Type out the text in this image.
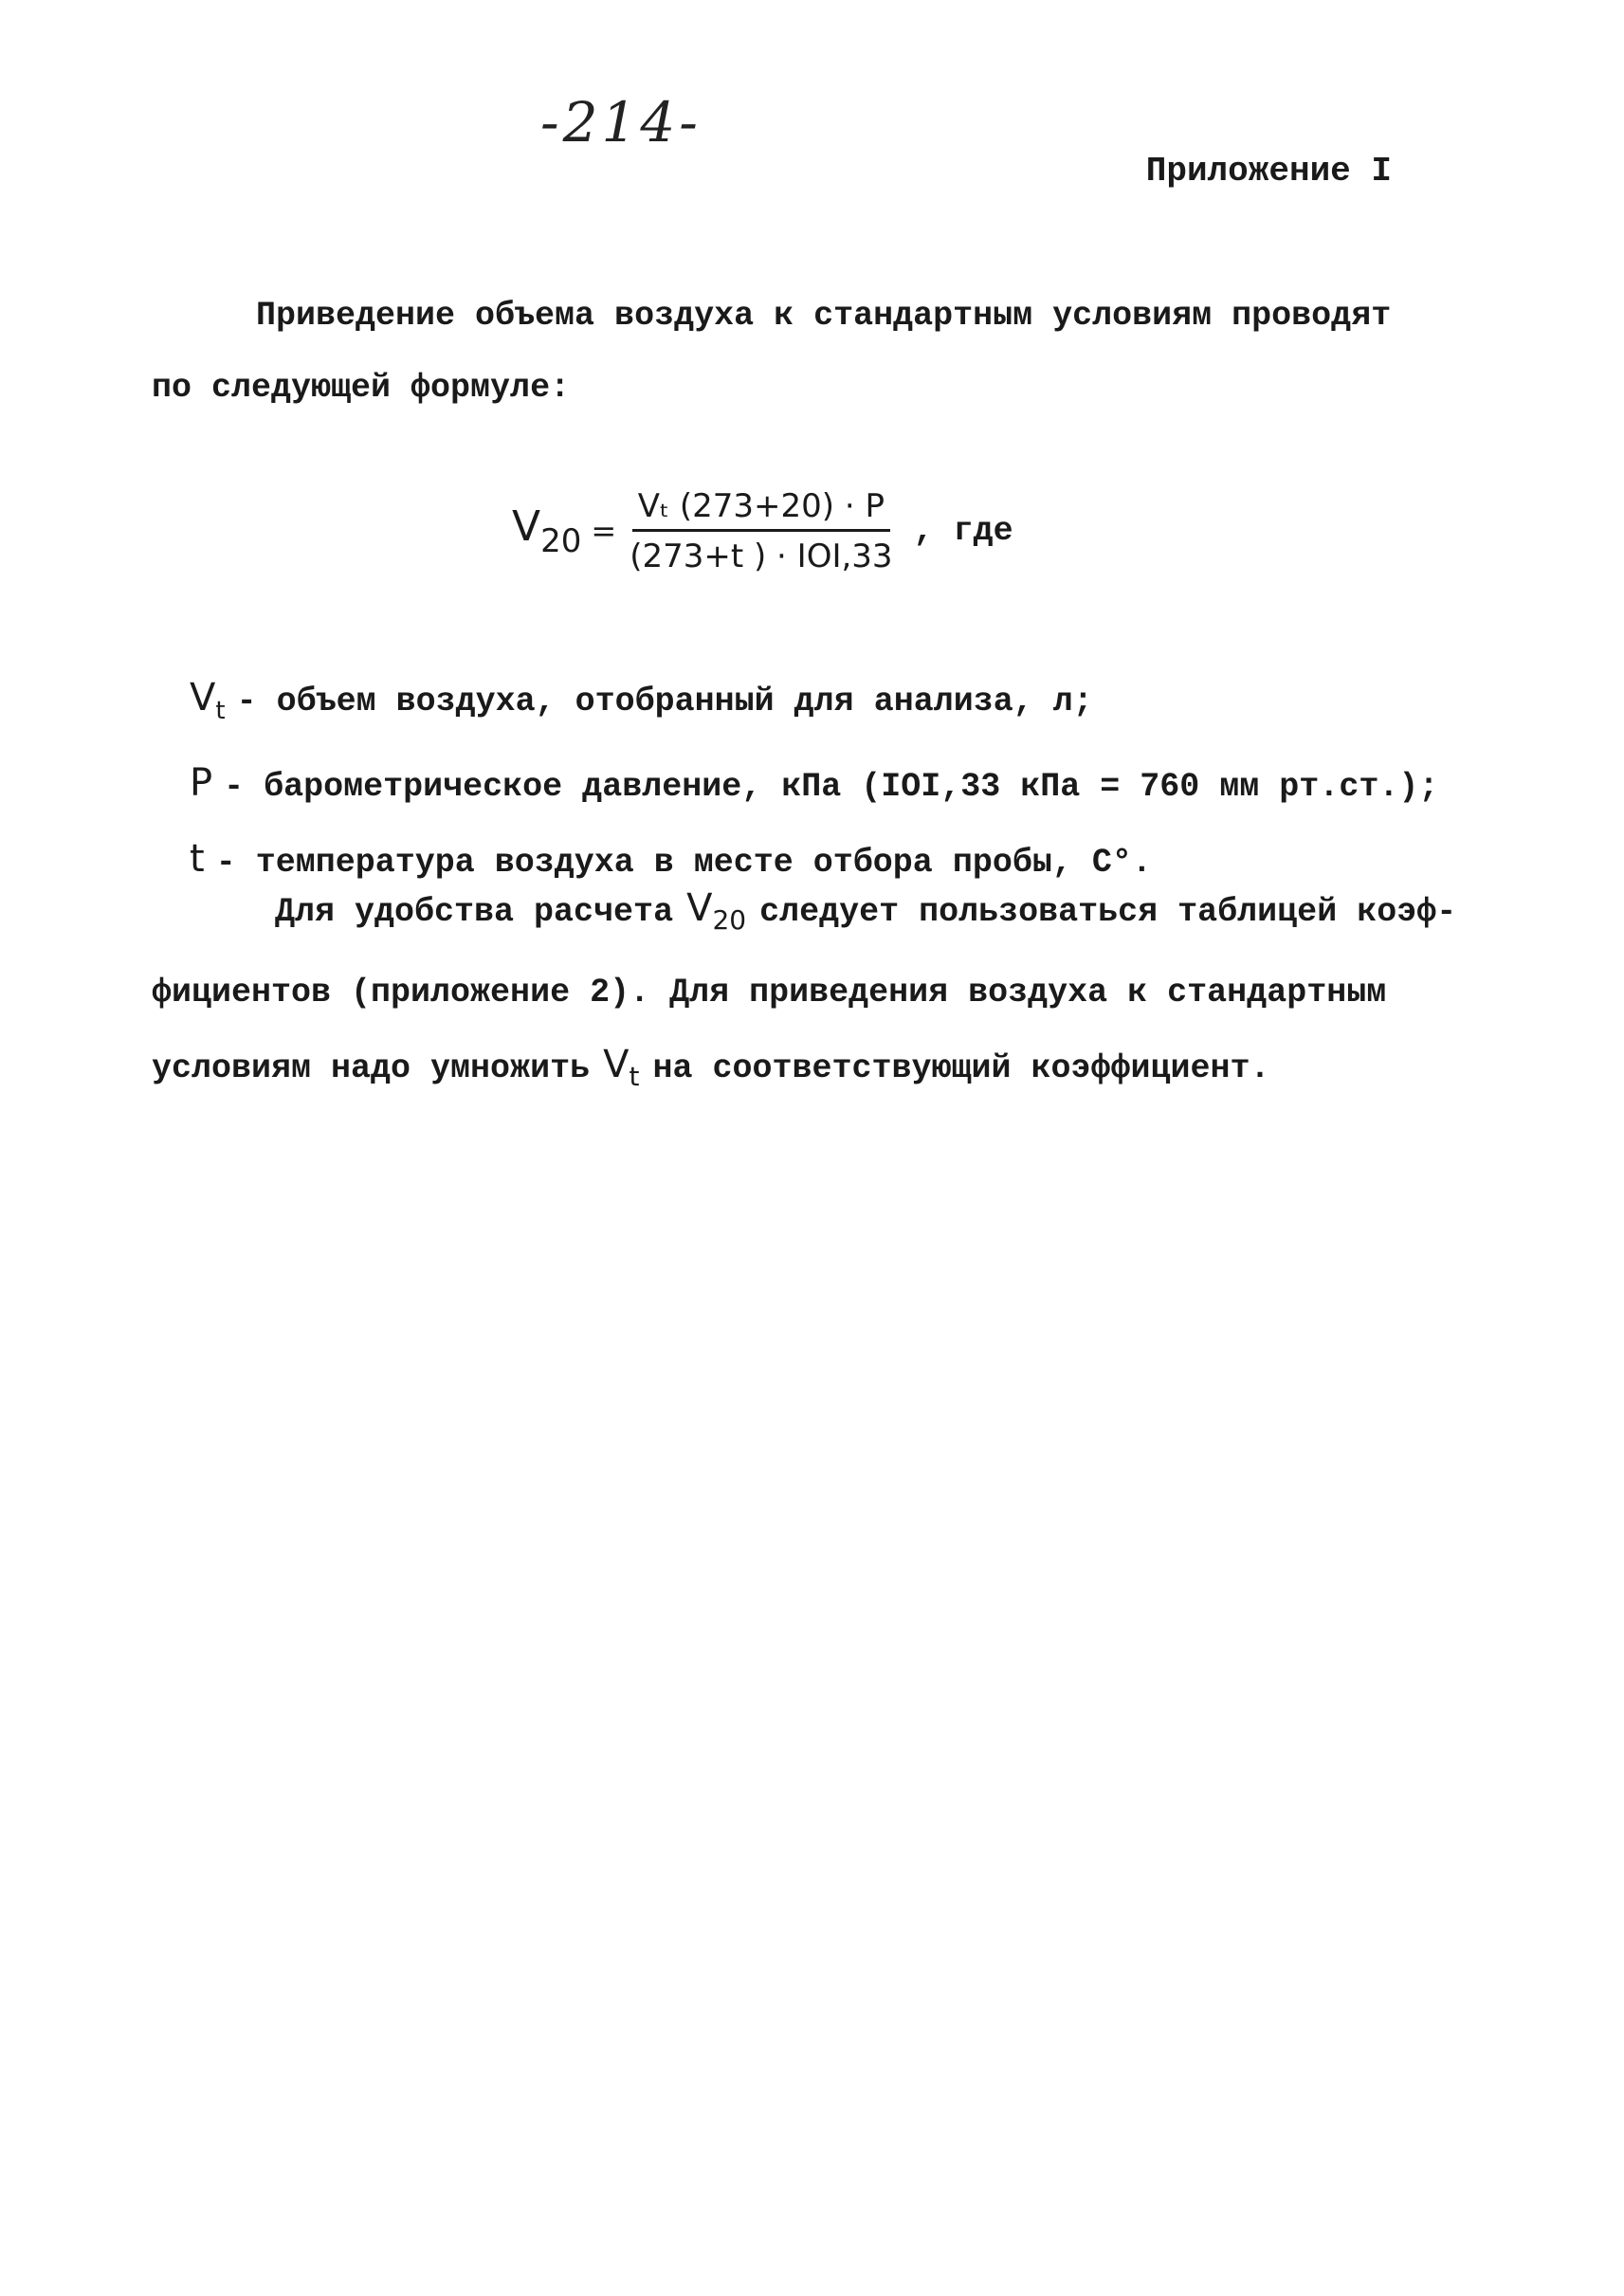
-214-
Приложение I
Приведение объема воздуха к стандартным условиям проводят
по следующей формуле:
$V_{20} = \frac{\text{Vₜ (273+20) · P}}{\text{(273+t ) · IOI,33}}$ , где
$V_t$ - объем воздуха, отобранный для анализа, л;
P - барометрическое давление, кПа (IOI,33 кПа = 760 мм рт.ст.);
t - температура воздуха в месте отбора пробы, С°.
Для удобства расчета $V_{20}$ следует пользоваться таблицей коэф-
фициентов (приложение 2). Для приведения воздуха к стандартным
условиям надо умножить $V_t$ на соответствующий коэффициент.
